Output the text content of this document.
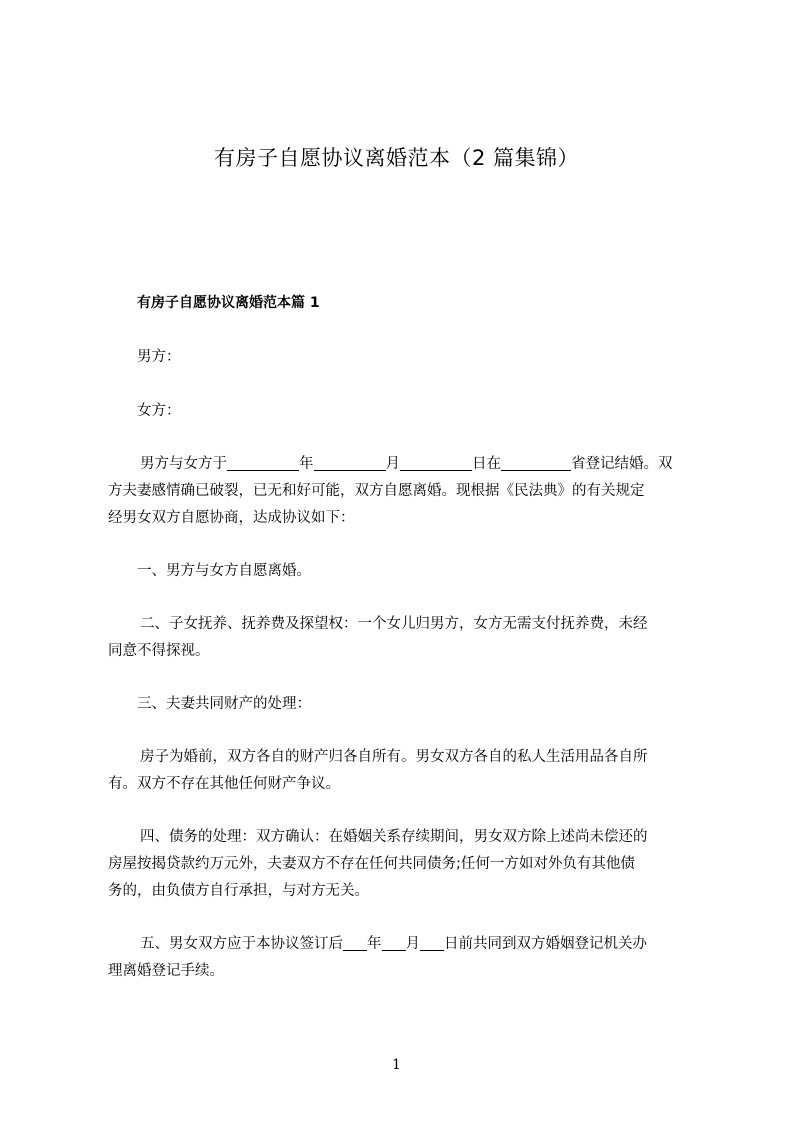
有房子自愿协议离婚范本（2 篇集锦）
有房子自愿协议离婚范本篇 1
男方：
女方：
男方与女方于	年	月	日在	省登记结婚。双
方夫妻感情确已破裂，已无和好可能，双方自愿离婚。现根据《民法典》的有关规定
经男女双方自愿协商，达成协议如下：
一、男方与女方自愿离婚。
二、子女抚养、抚养费及探望权：一个女儿归男方，女方无需支付抚养费，未经
同意不得探视。
三、夫妻共同财产的处理：
房子为婚前，双方各自的财产归各自所有。男女双方各自的私人生活用品各自所
有。双方不存在其他任何财产争议。
四、债务的处理：双方确认：在婚姻关系存续期间，男女双方除上述尚未偿还的
房屋按揭贷款约万元外，夫妻双方不存在任何共同债务;任何一方如对外负有其他债
务的，由负债方自行承担，与对方无关。
五、男女双方应于本协议签订后 年 月 日前共同到双方婚姻登记机关办
理离婚登记手续。
1
